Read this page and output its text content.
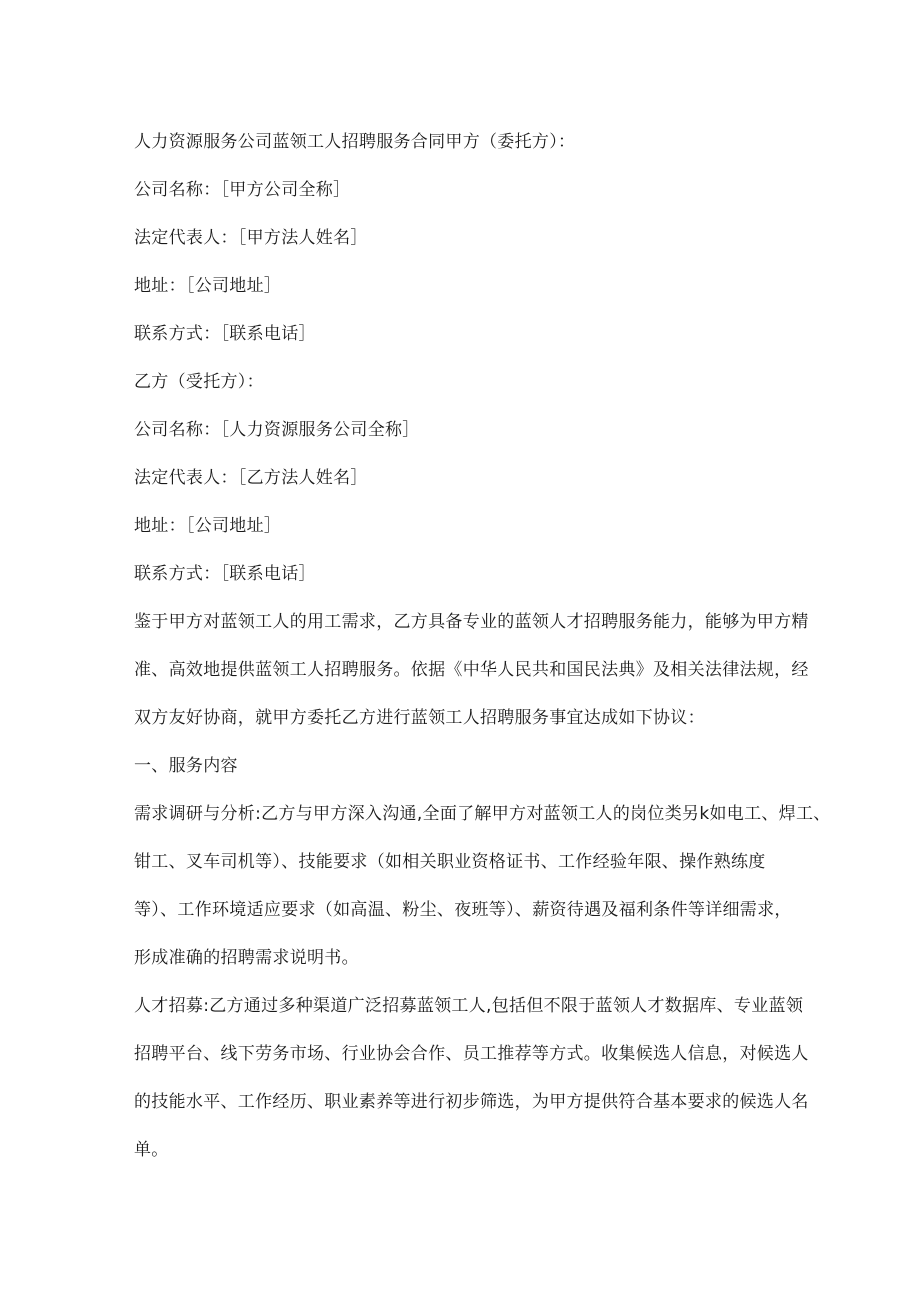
人力资源服务公司蓝领工人招聘服务合同甲方（委托方）：

公司名称：［甲方公司全称］

法定代表人：［甲方法人姓名］

地址：［公司地址］

联系方式：［联系电话］

乙方（受托方）：

公司名称：［人力资源服务公司全称］

法定代表人：［乙方法人姓名］

地址：［公司地址］

联系方式：［联系电话］

鉴于甲方对蓝领工人的用工需求，乙方具备专业的蓝领人才招聘服务能力，能够为甲方精
准、高效地提供蓝领工人招聘服务。依据《中华人民共和国民法典》及相关法律法规，经
双方友好协商，就甲方委托乙方进行蓝领工人招聘服务事宜达成如下协议：

一、服务内容

需求调研与分析:乙方与甲方深入沟通,全面了解甲方对蓝领工人的岗位类另k如电工、焊工、
钳工、叉车司机等）、技能要求（如相关职业资格证书、工作经验年限、操作熟练度
等）、工作环境适应要求（如高温、粉尘、夜班等）、薪资待遇及福利条件等详细需求，
形成准确的招聘需求说明书。
人才招募:乙方通过多种渠道广泛招募蓝领工人,包括但不限于蓝领人才数据库、专业蓝领
招聘平台、线下劳务市场、行业协会合作、员工推荐等方式。收集候选人信息，对候选人
的技能水平、工作经历、职业素养等进行初步筛选，为甲方提供符合基本要求的候选人名
单。
